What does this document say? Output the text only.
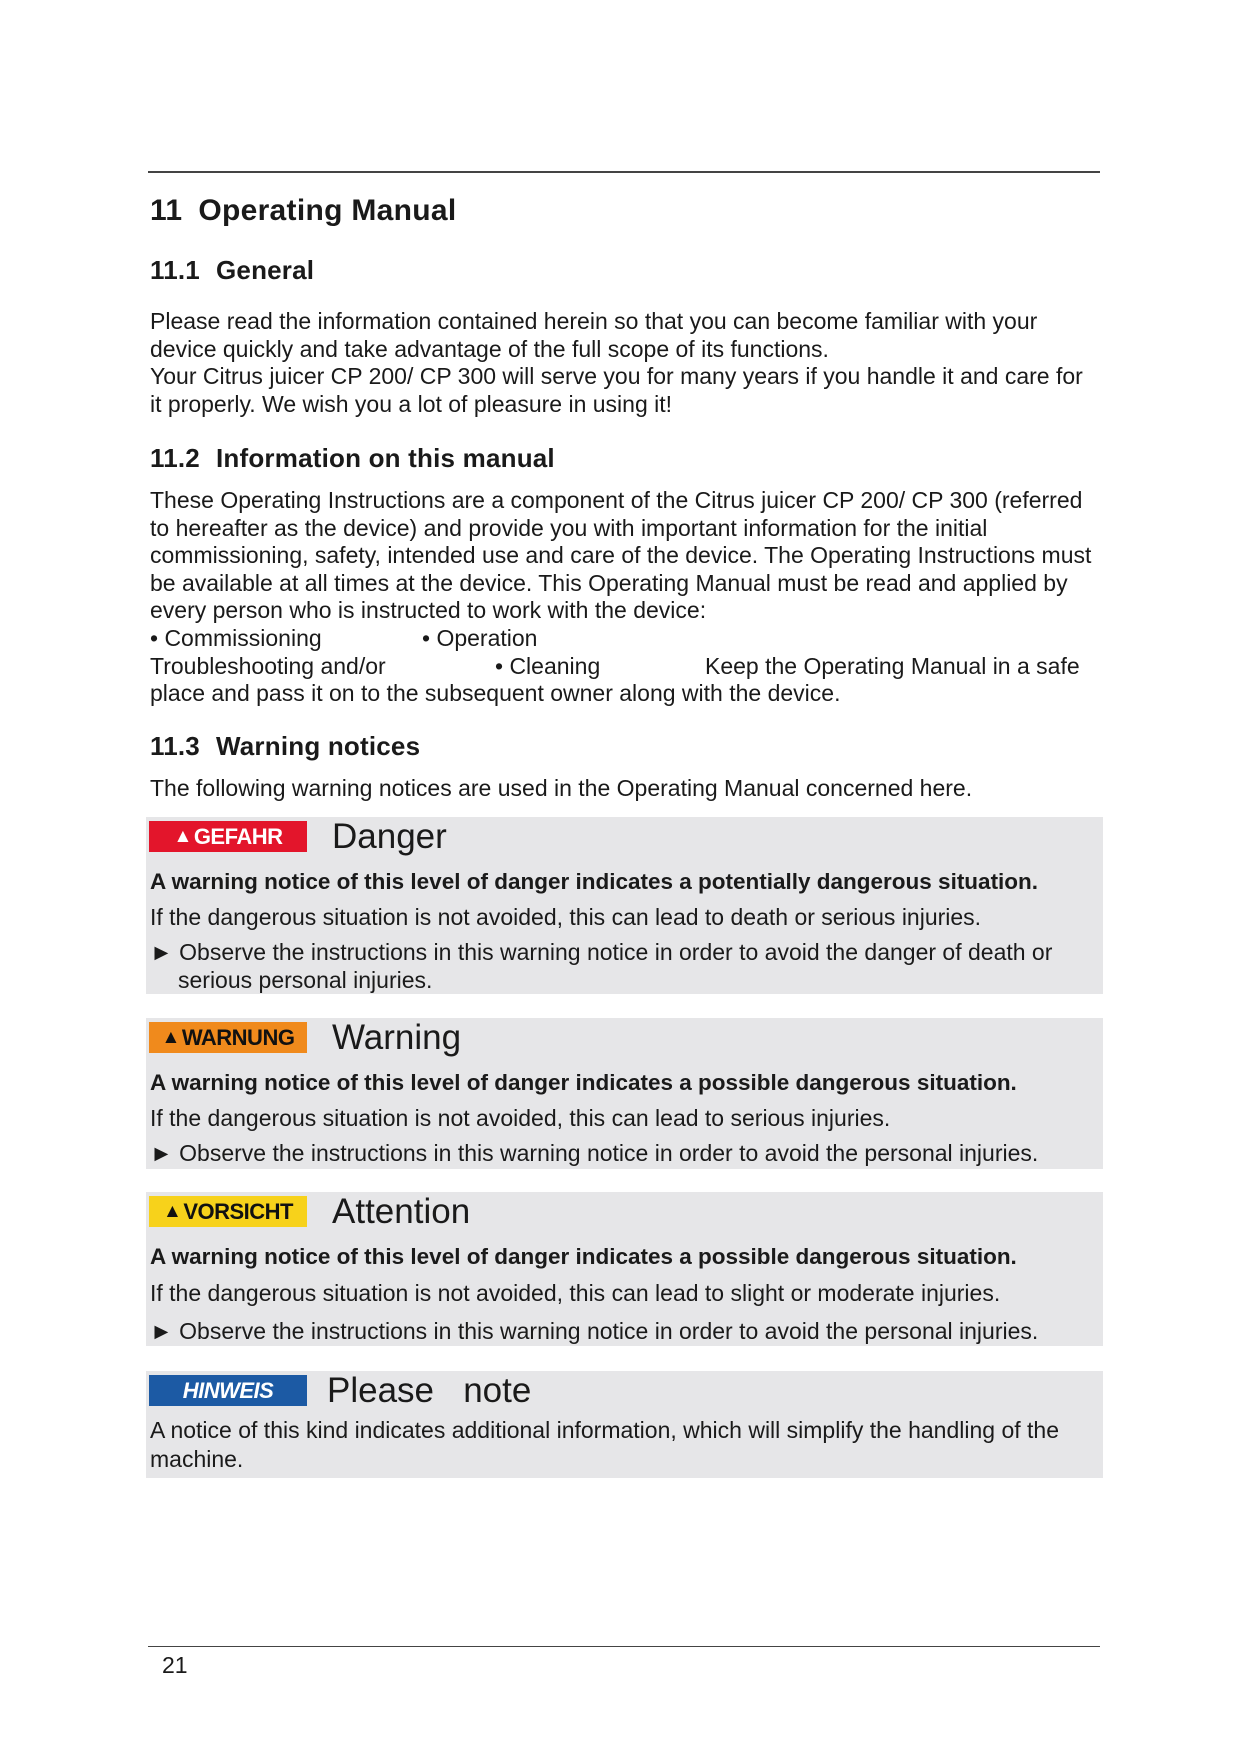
11 Operating Manual
11.1 General

Please read the information contained herein so that you can become familiar with your device quickly and take advantage of the full scope of its functions.

Your Citrus juicer CP 200/ CP 300 will serve you for many years if you handle it and care for it properly. We wish you a lot of pleasure in using it!

11.2 Information on this manual

These Operating Instructions are a component of the Citrus juicer CP 200/ CP 300 (referred to hereafter as the device) and provide you with important information for the initial commissioning, safety, intended use and care of the device. The Operating Instructions must be available at all times at the device. This Operating Manual must be read and applied by every person who is instructed to work with the device:

• Commissioning	• Operation
Troubleshooting and/or	• Cleaning	Keep the Operating Manual in a safe
place and pass it on to the subsequent owner along with the device.
11.3 Warning notices

The following warning notices are used in the Operating Manual concerned here.

▲ GEFAHR Danger
A warning notice of this level of danger indicates a potentially dangerous situation.
If the dangerous situation is not avoided, this can lead to death or serious injuries.
► Observe the instructions in this warning notice in order to avoid the danger of death or serious personal injuries.
▲ WARNUNG Warning
A warning notice of this level of danger indicates a possible dangerous situation.
If the dangerous situation is not avoided, this can lead to serious injuries.
► Observe the instructions in this warning notice in order to avoid the personal injuries.
▲ VORSICHT Attention
A warning notice of this level of danger indicates a possible dangerous situation.
If the dangerous situation is not avoided, this can lead to slight or moderate injuries.
► Observe the instructions in this warning notice in order to avoid the personal injuries.
HINWEIS Please   note
A notice of this kind indicates additional information, which will simplify the handling of the machine.
21
